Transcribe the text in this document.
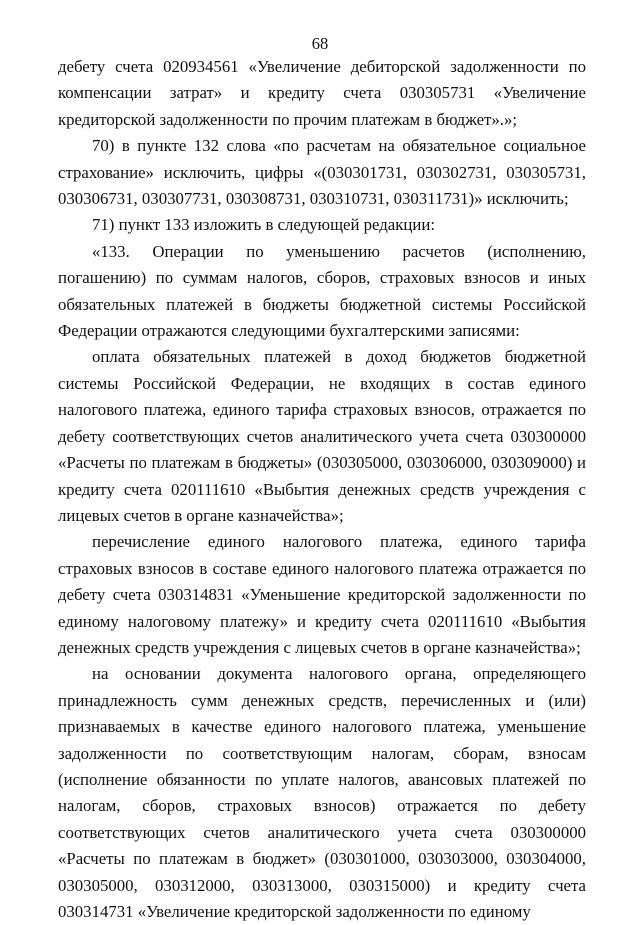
68

дебету счета 020934561 «Увеличение дебиторской задолженности по компенсации затрат» и кредиту счета 030305731 «Увеличение кредиторской задолженности по прочим платежам в бюджет».»;

70) в пункте 132 слова «по расчетам на обязательное социальное страхование» исключить, цифры «(030301731, 030302731, 030305731, 030306731, 030307731, 030308731, 030310731, 030311731)» исключить;

71) пункт 133 изложить в следующей редакции:

«133. Операции по уменьшению расчетов (исполнению, погашению) по суммам налогов, сборов, страховых взносов и иных обязательных платежей в бюджеты бюджетной системы Российской Федерации отражаются следующими бухгалтерскими записями:

оплата обязательных платежей в доход бюджетов бюджетной системы Российской Федерации, не входящих в состав единого налогового платежа, единого тарифа страховых взносов, отражается по дебету соответствующих счетов аналитического учета счета 030300000 «Расчеты по платежам в бюджеты» (030305000, 030306000, 030309000) и кредиту счета 020111610 «Выбытия денежных средств учреждения с лицевых счетов в органе казначейства»;

перечисление единого налогового платежа, единого тарифа страховых взносов в составе единого налогового платежа отражается по дебету счета 030314831 «Уменьшение кредиторской задолженности по единому налоговому платежу» и кредиту счета 020111610 «Выбытия денежных средств учреждения с лицевых счетов в органе казначейства»;

на основании документа налогового органа, определяющего принадлежность сумм денежных средств, перечисленных и (или) признаваемых в качестве единого налогового платежа, уменьшение задолженности по соответствующим налогам, сборам, взносам (исполнение обязанности по уплате налогов, авансовых платежей по налогам, сборов, страховых взносов) отражается по дебету соответствующих счетов аналитического учета счета 030300000 «Расчеты по платежам в бюджет» (030301000, 030303000, 030304000, 030305000, 030312000, 030313000, 030315000) и кредиту счета 030314731 «Увеличение кредиторской задолженности по единому
